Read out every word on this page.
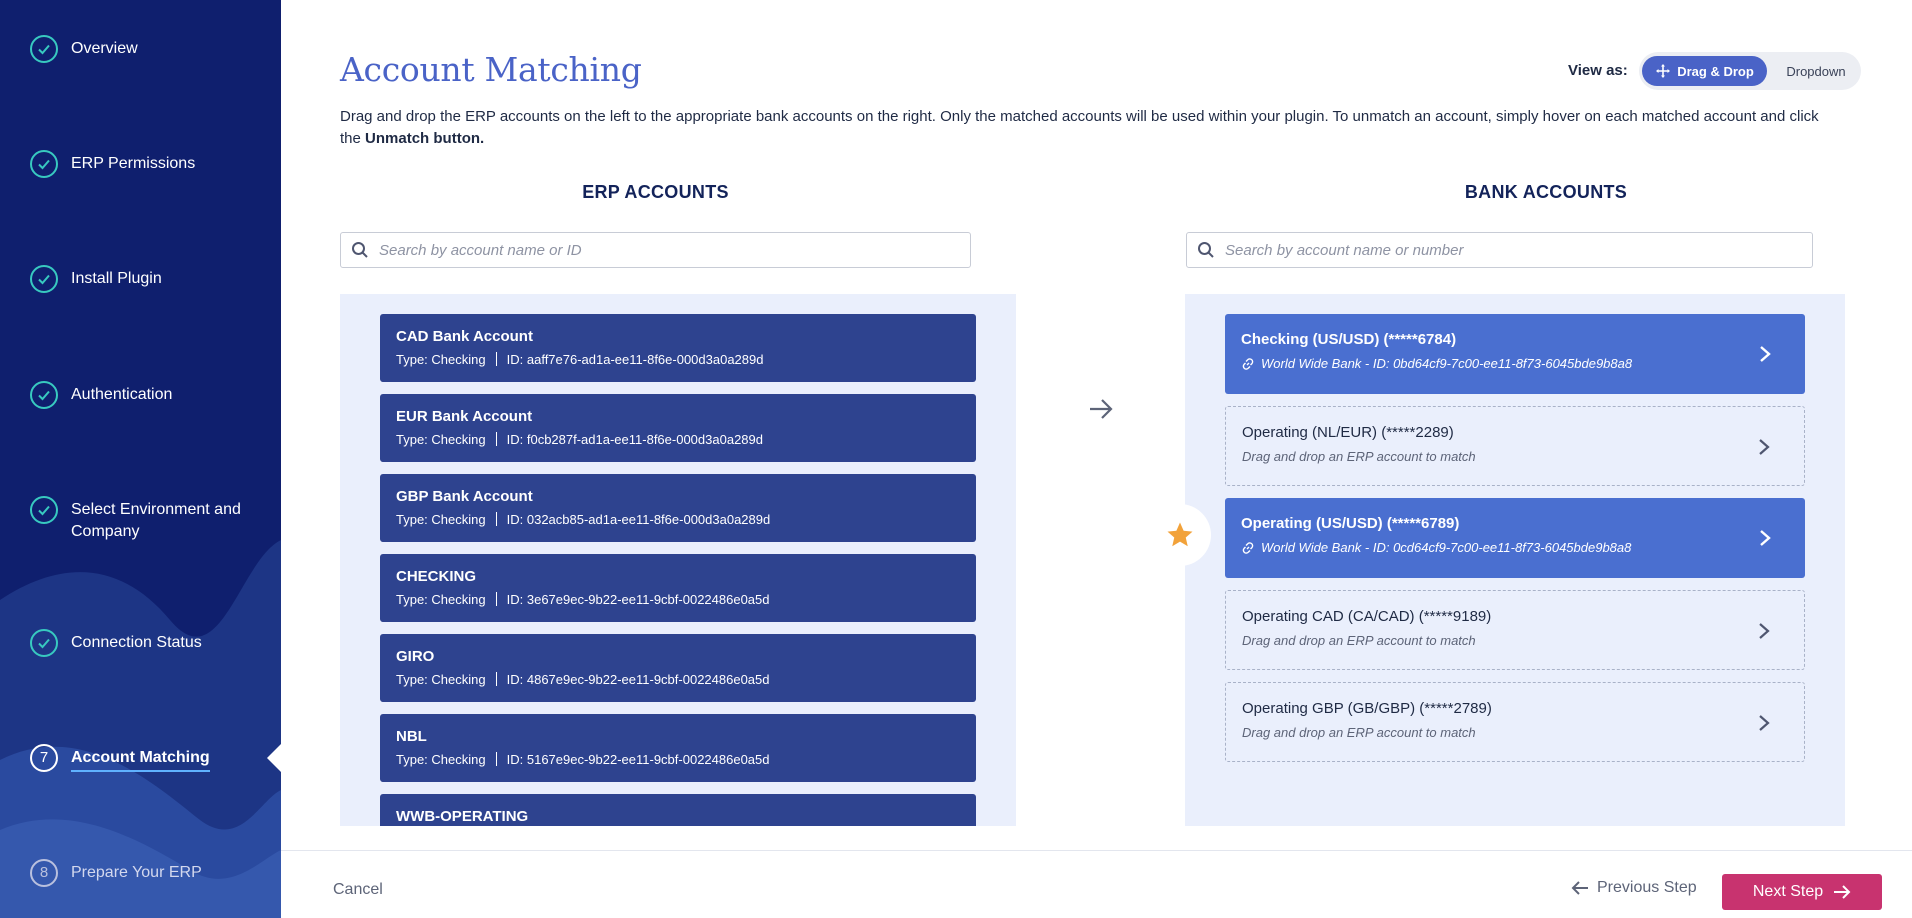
Overview
ERP Permissions
Install Plugin
Authentication
Select Environment and Company
Connection Status
7	Account Matching
8	Prepare Your ERP
Account Matching	View as:	Drag & Drop	Dropdown

Drag and drop the ERP accounts on the left to the appropriate bank accounts on the right. Only the matched accounts will be used within your plugin. To unmatch an account, simply hover on each matched account and click the Unmatch button.

ERP ACCOUNTS
Search by account name or ID
CAD Bank Account
Type: Checking ID: aaff7e76-ad1a-ee11-8f6e-000d3a0a289d
EUR Bank Account
Type: Checking ID: f0cb287f-ad1a-ee11-8f6e-000d3a0a289d
GBP Bank Account
Type: Checking ID: 032acb85-ad1a-ee11-8f6e-000d3a0a289d
CHECKING
Type: Checking ID: 3e67e9ec-9b22-ee11-9cbf-0022486e0a5d
GIRO
Type: Checking ID: 4867e9ec-9b22-ee11-9cbf-0022486e0a5d
NBL
Type: Checking ID: 5167e9ec-9b22-ee11-9cbf-0022486e0a5d
WWB-OPERATING
BANK ACCOUNTS
Search by account name or number
Checking (US/USD) (*****6784)
World Wide Bank - ID: 0bd64cf9-7c00-ee11-8f73-6045bde9b8a8
Operating (NL/EUR) (*****2289)
Drag and drop an ERP account to match
Operating (US/USD) (*****6789)
World Wide Bank - ID: 0cd64cf9-7c00-ee11-8f73-6045bde9b8a8
Operating CAD (CA/CAD) (*****9189)
Drag and drop an ERP account to match
Operating GBP (GB/GBP) (*****2789)
Drag and drop an ERP account to match
Cancel	Previous Step	Next Step
